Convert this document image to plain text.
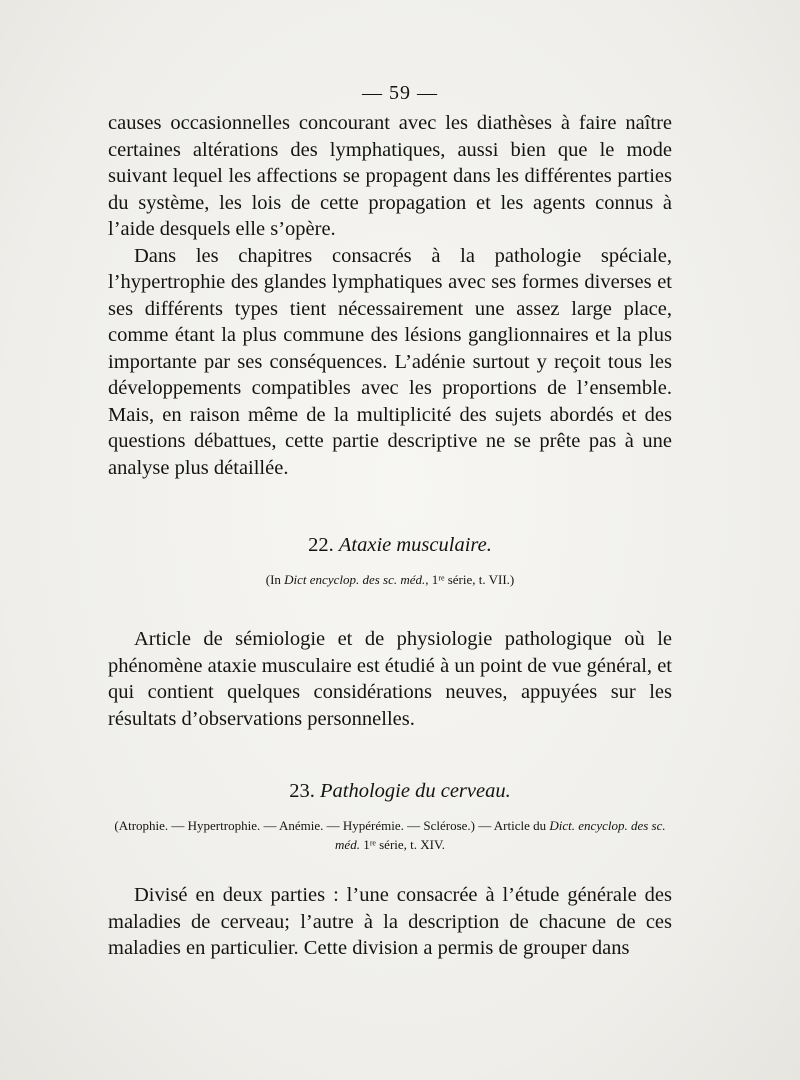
— 59 —

causes occasionnelles concourant avec les diathèses à faire naître certaines altérations des lymphatiques, aussi bien que le mode suivant lequel les affections se propagent dans les différentes parties du système, les lois de cette propagation et les agents connus à l’aide desquels elle s’opère.

Dans les chapitres consacrés à la pathologie spéciale, l’hypertrophie des glandes lymphatiques avec ses formes diverses et ses différents types tient nécessairement une assez large place, comme étant la plus commune des lésions ganglionnaires et la plus importante par ses conséquences. L’adénie surtout y reçoit tous les développements compatibles avec les proportions de l’ensemble. Mais, en raison même de la multiplicité des sujets abordés et des questions débattues, cette partie descriptive ne se prête pas à une analyse plus détaillée.

22. Ataxie musculaire.
(In Dict encyclop. des sc. méd., 1ʳᵉ série, t. VII.)

Article de sémiologie et de physiologie pathologique où le phénomène ataxie musculaire est étudié à un point de vue général, et qui contient quelques considérations neuves, appuyées sur les résultats d’observations personnelles.

23. Pathologie du cerveau.
(Atrophie. — Hypertrophie. — Anémie. — Hypérémie. — Sclérose.) — Article du Dict. encyclop. des sc. méd. 1ʳᵉ série, t. XIV.

Divisé en deux parties : l’une consacrée à l’étude générale des maladies de cerveau; l’autre à la description de chacune de ces maladies en particulier. Cette division a permis de grouper dans
